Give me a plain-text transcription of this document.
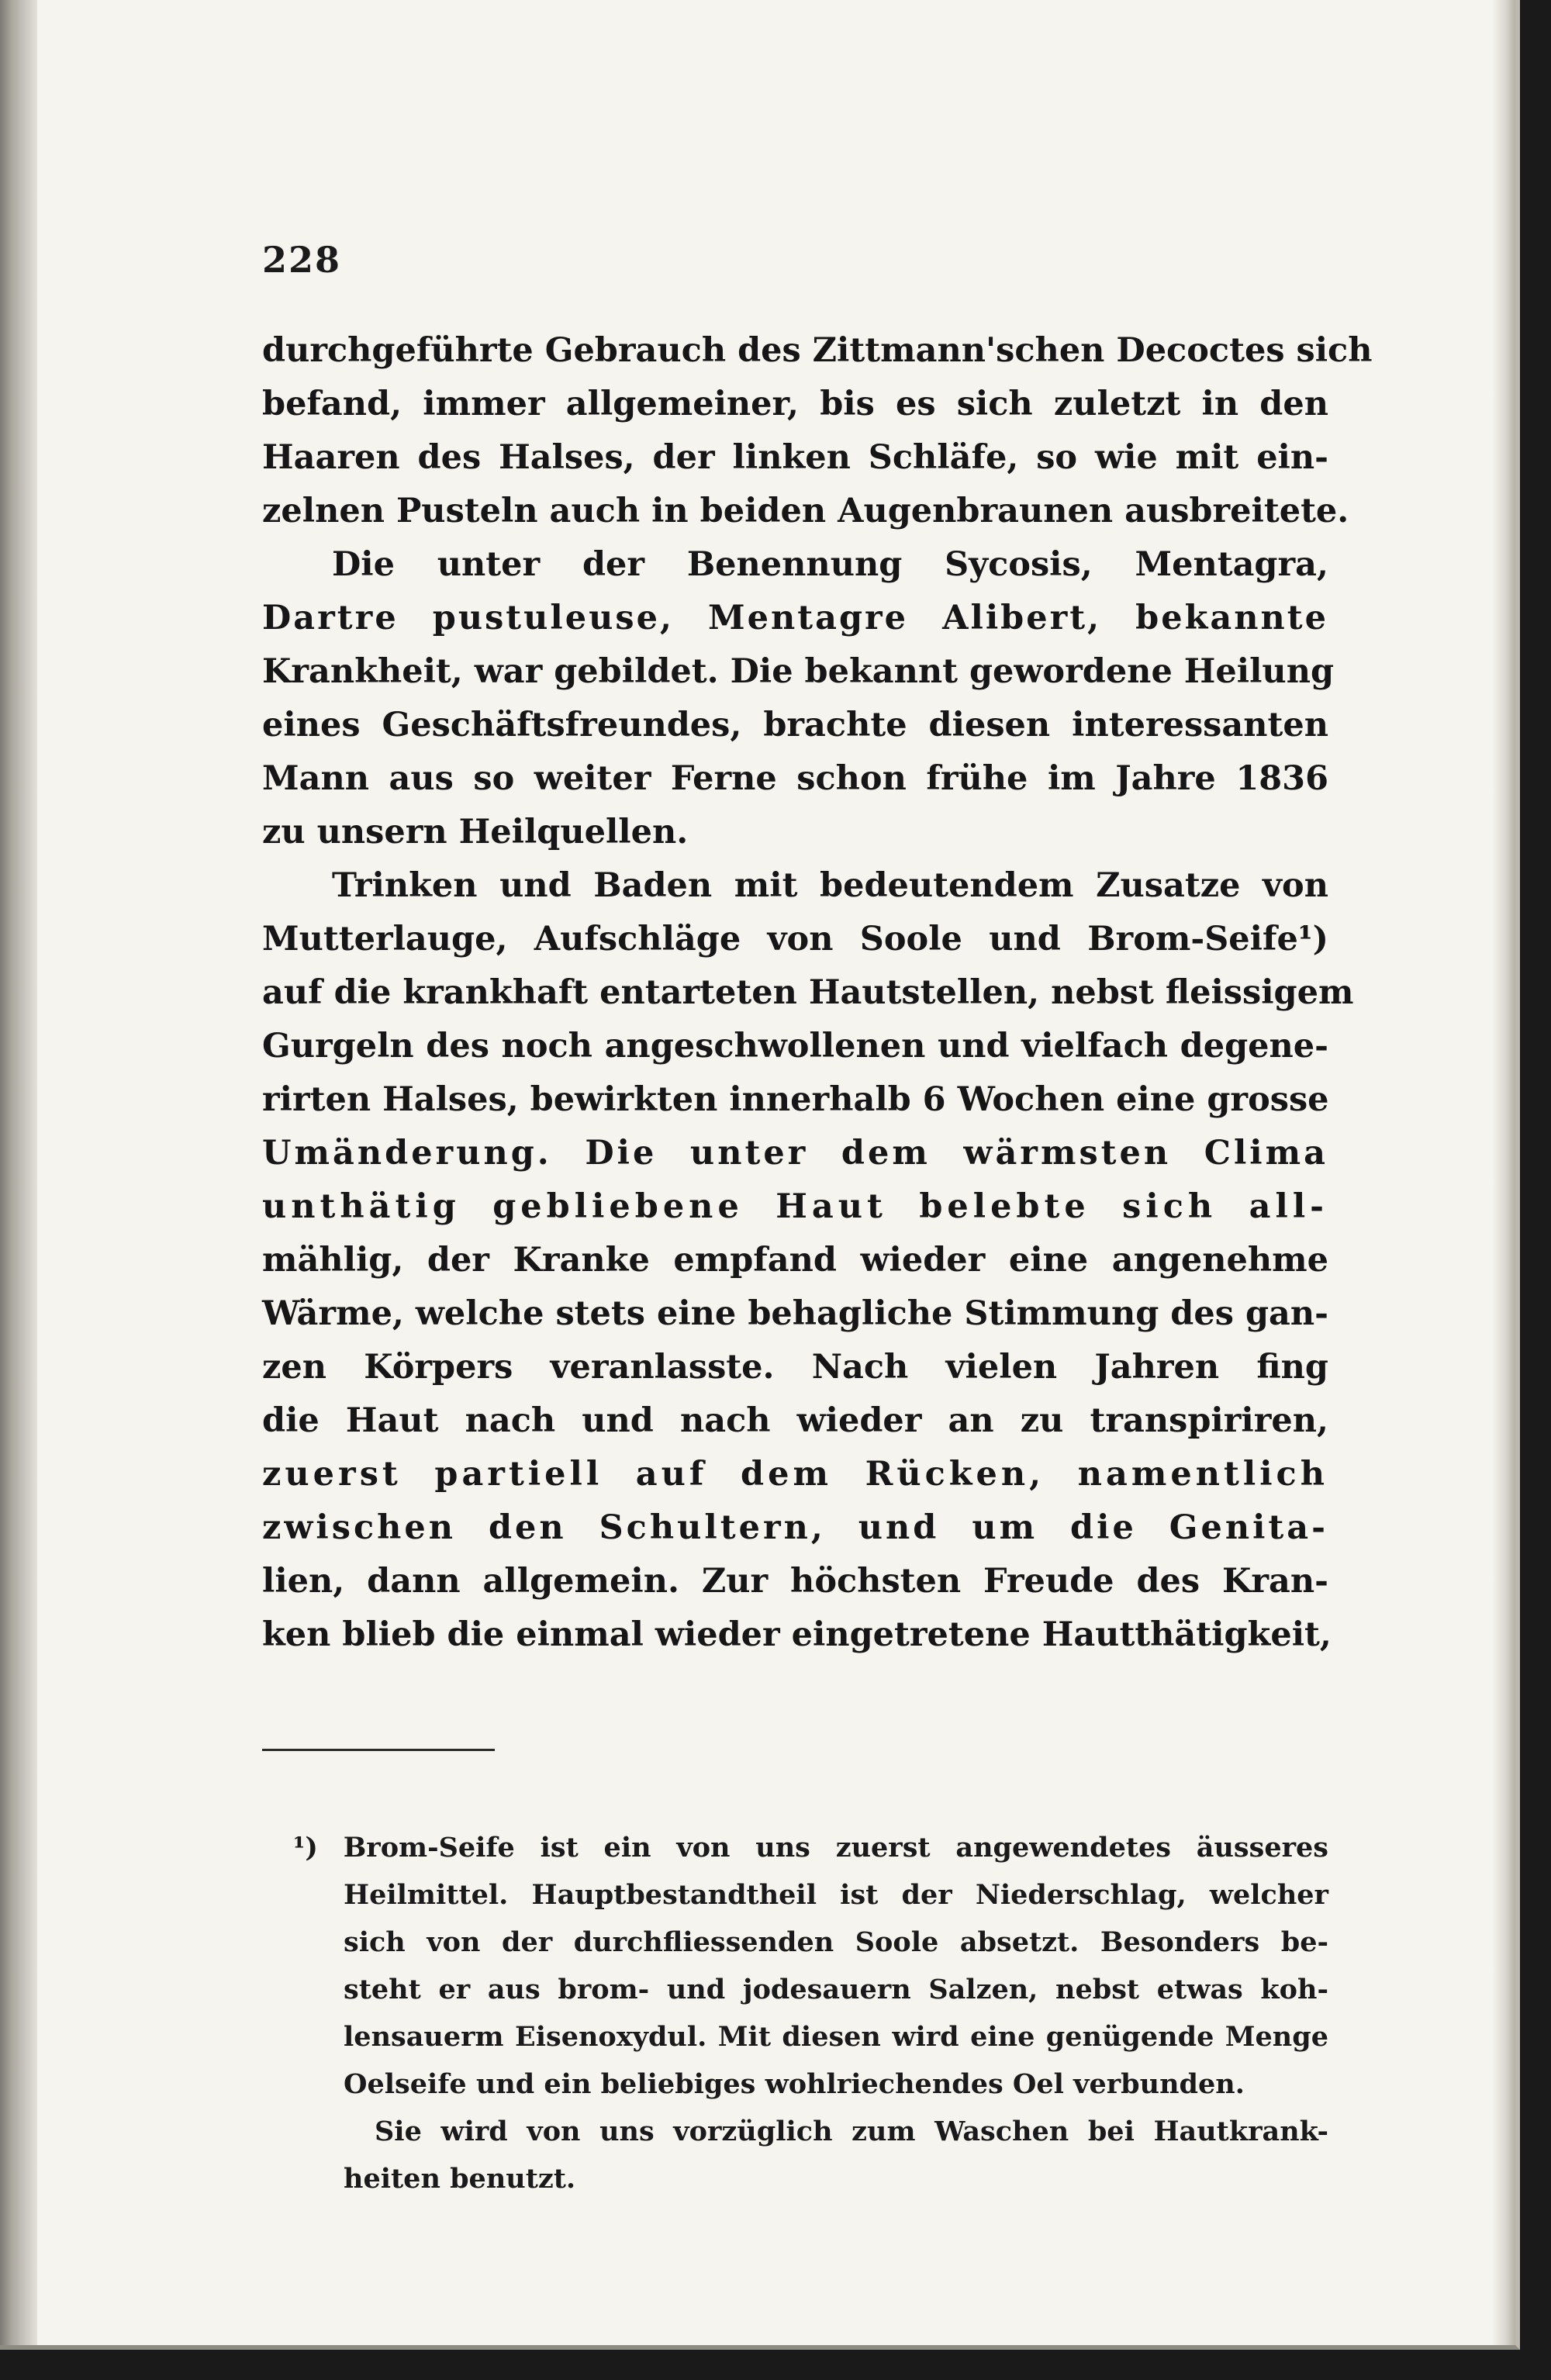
228
durchgeführte Gebrauch des Zittmann'schen Decoctes sich
befand, immer allgemeiner, bis es sich zuletzt in den
Haaren des Halses, der linken Schläfe, so wie mit ein-
zelnen Pusteln auch in beiden Augenbraunen ausbreitete.
Die unter der Benennung Sycosis, Mentagra,
Dartre pustuleuse, Mentagre Alibert, bekannte
Krankheit, war gebildet. Die bekannt gewordene Heilung
eines Geschäftsfreundes, brachte diesen interessanten
Mann aus so weiter Ferne schon frühe im Jahre 1836
zu unsern Heilquellen.
Trinken und Baden mit bedeutendem Zusatze von
Mutterlauge, Aufschläge von Soole und Brom-Seife¹)
auf die krankhaft entarteten Hautstellen, nebst fleissigem
Gurgeln des noch angeschwollenen und vielfach degene-
rirten Halses, bewirkten innerhalb 6 Wochen eine grosse
Umänderung. Die unter dem wärmsten Clima
unthätig gebliebene Haut belebte sich all-
mählig, der Kranke empfand wieder eine angenehme
Wärme, welche stets eine behagliche Stimmung des gan-
zen Körpers veranlasste. Nach vielen Jahren fing
die Haut nach und nach wieder an zu transpiriren,
zuerst partiell auf dem Rücken, namentlich
zwischen den Schultern, und um die Genita-
lien, dann allgemein. Zur höchsten Freude des Kran-
ken blieb die einmal wieder eingetretene Hautthätigkeit,
¹) Brom-Seife ist ein von uns zuerst angewendetes äusseres
Heilmittel. Hauptbestandtheil ist der Niederschlag, welcher
sich von der durchfliessenden Soole absetzt. Besonders be-
steht er aus brom- und jodesauern Salzen, nebst etwas koh-
lensauerm Eisenoxydul. Mit diesen wird eine genügende Menge
Oelseife und ein beliebiges wohlriechendes Oel verbunden.
Sie wird von uns vorzüglich zum Waschen bei Hautkrank-
heiten benutzt.
